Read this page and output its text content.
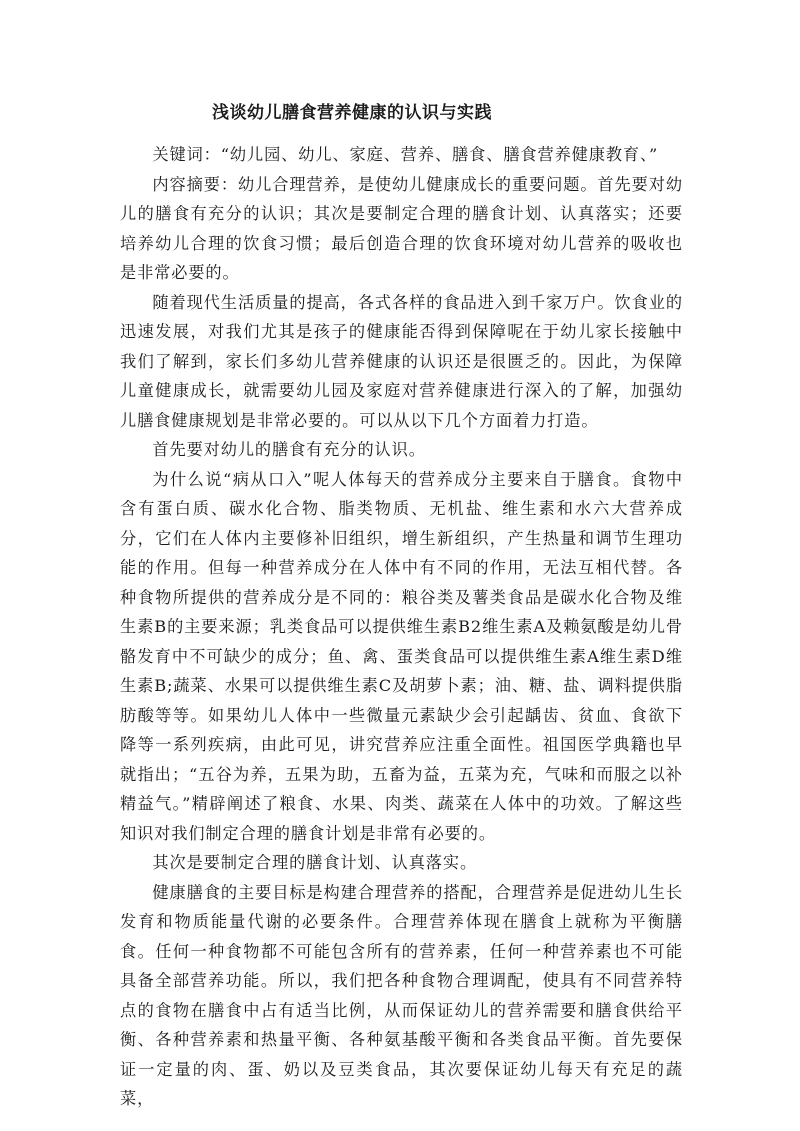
浅谈幼儿膳食营养健康的认识与实践

关键词：“幼儿园、幼儿、家庭、营养、膳食、膳食营养健康教育、”

内容摘要：幼儿合理营养，是使幼儿健康成长的重要问题。首先要对幼儿的膳食有充分的认识；其次是要制定合理的膳食计划、认真落实；还要培养幼儿合理的饮食习惯；最后创造合理的饮食环境对幼儿营养的吸收也是非常必要的。

随着现代生活质量的提高，各式各样的食品进入到千家万户。饮食业的迅速发展，对我们尤其是孩子的健康能否得到保障呢在于幼儿家长接触中我们了解到，家长们多幼儿营养健康的认识还是很匮乏的。因此，为保障儿童健康成长，就需要幼儿园及家庭对营养健康进行深入的了解，加强幼儿膳食健康规划是非常必要的。可以从以下几个方面着力打造。

首先要对幼儿的膳食有充分的认识。

为什么说“病从口入”呢人体每天的营养成分主要来自于膳食。食物中含有蛋白质、碳水化合物、脂类物质、无机盐、维生素和水六大营养成分，它们在人体内主要修补旧组织，增生新组织，产生热量和调节生理功能的作用。但每一种营养成分在人体中有不同的作用，无法互相代替。各种食物所提供的营养成分是不同的：粮谷类及薯类食品是碳水化合物及维生素B的主要来源；乳类食品可以提供维生素B2维生素A及赖氨酸是幼儿骨骼发育中不可缺少的成分；鱼、禽、蛋类食品可以提供维生素A维生素D维生素B;蔬菜、水果可以提供维生素C及胡萝卜素；油、糖、盐、调料提供脂肪酸等等。如果幼儿人体中一些微量元素缺少会引起龋齿、贫血、食欲下降等一系列疾病，由此可见，讲究营养应注重全面性。祖国医学典籍也早就指出；“五谷为养，五果为助，五畜为益，五菜为充，气味和而服之以补精益气。”精辟阐述了粮食、水果、肉类、蔬菜在人体中的功效。了解这些知识对我们制定合理的膳食计划是非常有必要的。

其次是要制定合理的膳食计划、认真落实。

健康膳食的主要目标是构建合理营养的搭配，合理营养是促进幼儿生长发育和物质能量代谢的必要条件。合理营养体现在膳食上就称为平衡膳食。任何一种食物都不可能包含所有的营养素，任何一种营养素也不可能具备全部营养功能。所以，我们把各种食物合理调配，使具有不同营养特点的食物在膳食中占有适当比例，从而保证幼儿的营养需要和膳食供给平衡、各种营养素和热量平衡、各种氨基酸平衡和各类食品平衡。首先要保证一定量的肉、蛋、奶以及豆类食品，其次要保证幼儿每天有充足的蔬菜，
